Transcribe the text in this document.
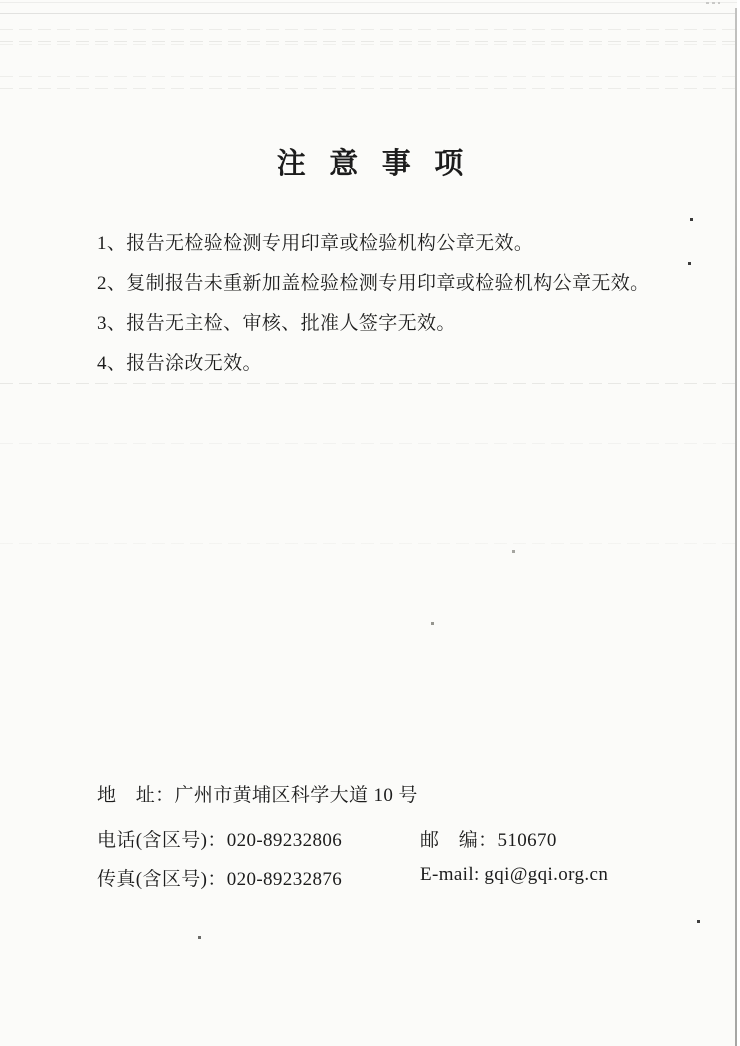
注 意 事 项
1、报告无检验检测专用印章或检验机构公章无效。
2、复制报告未重新加盖检验检测专用印章或检验机构公章无效。
3、报告无主检、审核、批准人签字无效。
4、报告涂改无效。
地　址：广州市黄埔区科学大道 10 号
电话(含区号)：020-89232806	邮　编：510670
传真(含区号)：020-89232876	E-mail: gqi@gqi.org.cn
